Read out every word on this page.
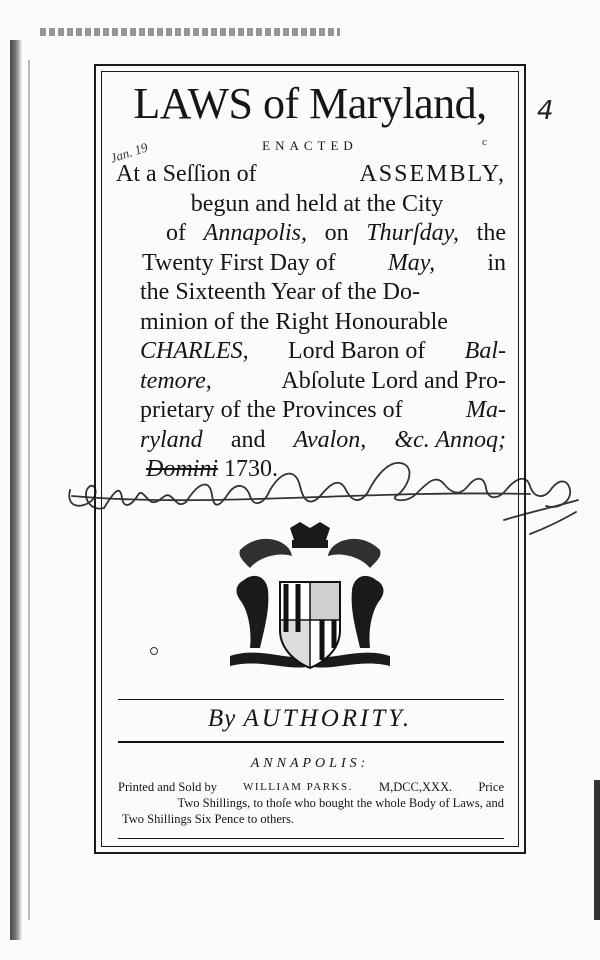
4
Jan. 19	c
LAWS of Maryland,
ENACTED
At a Seſſion of	ASSEMBLY,
begun and held at the City
of Annapolis, on Thurſday, the
Twenty First Day of May, in
the Sixteenth Year of the Do-
minion of the Right Honourable
CHARLES, Lord Baron of Bal-
temore,	Abſolute Lord and Pro-
prietary of the Provinces of	Ma-
ryland and Avalon, &c. Annoq;
Domini 1730.
By AUTHORITY.
ANNAPOLIS:
Printed and Sold by WILLIAM PARKS. M,DCC,XXX. Price
Two Shillings, to thoſe who bought the whole Body of Laws, and
Two Shillings Six Pence to others.
